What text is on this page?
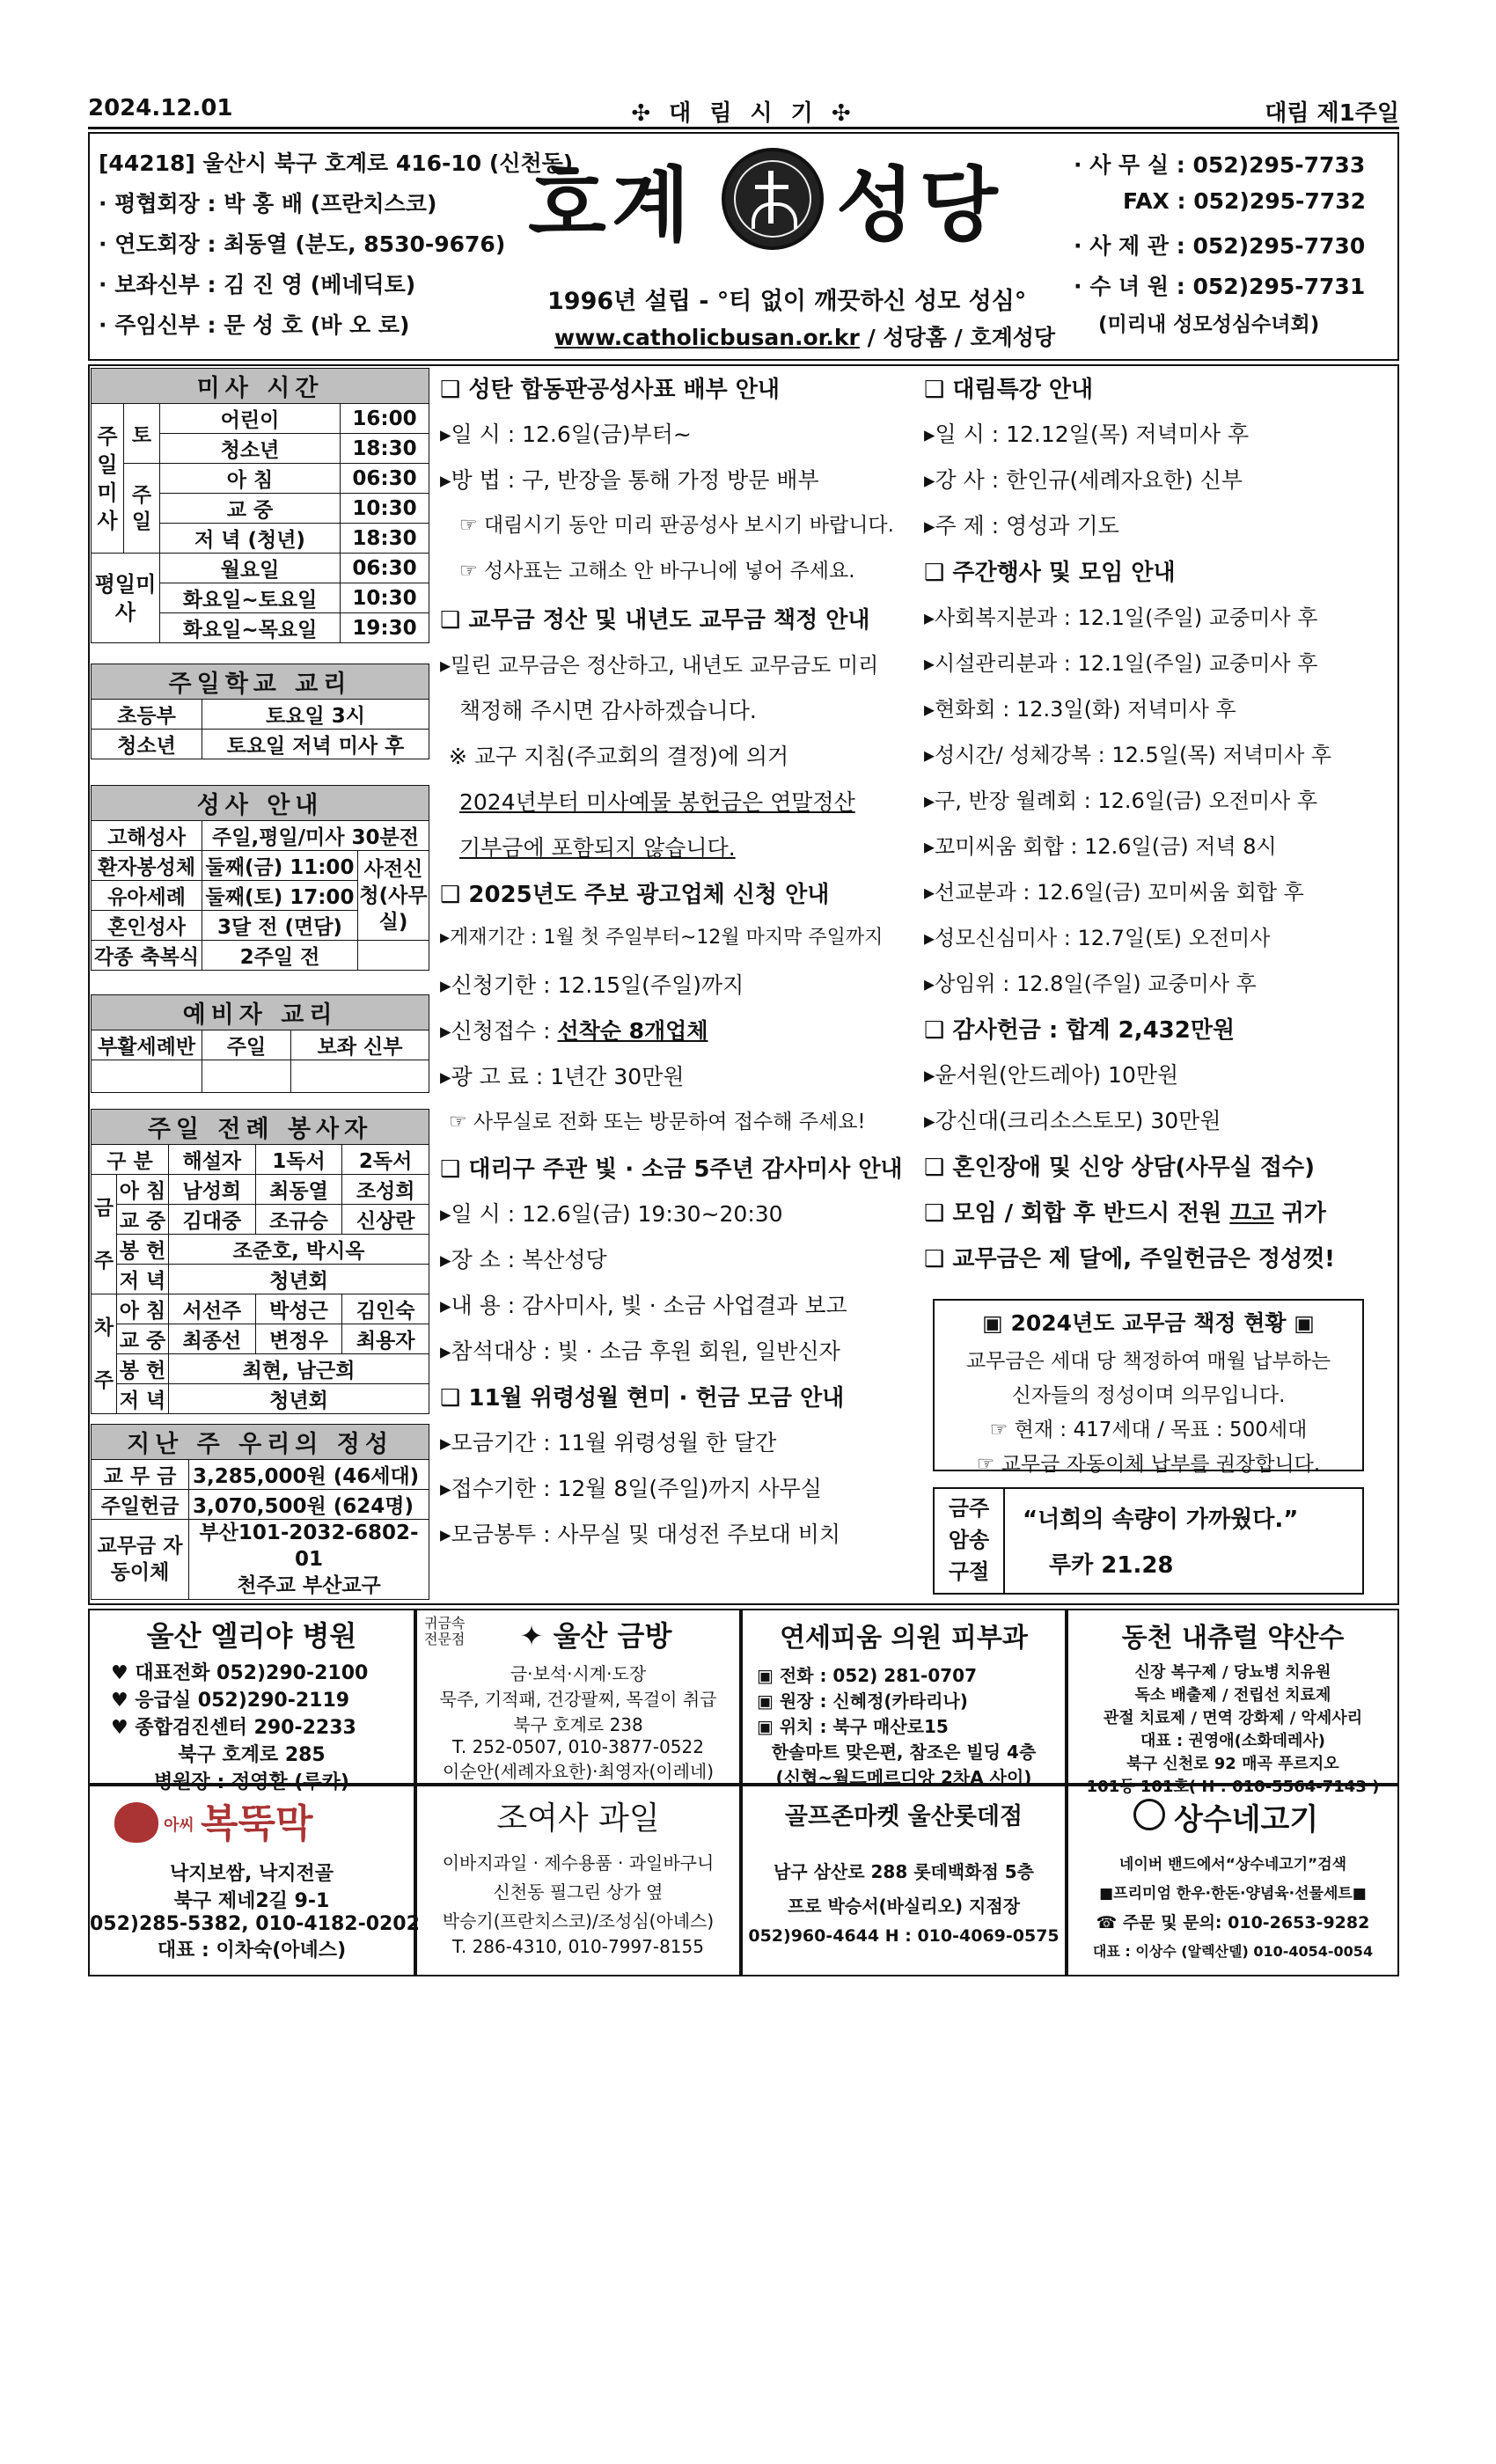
2024.12.01	✣ 대 림 시 기 ✣	대림 제1주일
[44218] 울산시 북구 호계로 416-10 (신천동)
· 평협회장 : 박 홍 배 (프란치스코)
· 연도회장 : 최동열 (분도, 8530-9676)
· 보좌신부 : 김 진 영 (베네딕토)
· 주임신부 : 문 성 호 (바 오 로)
호계 성당
1996년 설립 - °티 없이 깨끗하신 성모 성심°
www.catholicbusan.or.kr / 성당홈 / 호계성당
· 사 무 실 : 052)295-7733
FAX : 052)295-7732
· 사 제 관 : 052)295-7730
· 수 녀 원 : 052)295-7731
(미리내 성모성심수녀회)
미사 시간			
주일미사	토	어린이	16:00
		청소년	18:30
	주일	아 침	06:30
		교 중	10:30
		저 녁 (청년)	18:30
평일미사		월요일	06:30
		화요일~토요일	10:30
		화요일~목요일	19:30
주일학교 교리	
초등부	토요일 3시
청소년	토요일 저녁 미사 후
성사 안내		
고해성사	주일,평일/미사 30분전	
환자봉성체	둘째(금) 11:00	사전신청(사무실)
유아세례	둘째(토) 17:00	
혼인성사	3달 전 (면담)	
각종 축복식	2주일 전	
예비자 교리		
부활세례반	주일	보좌 신부

주일 전례 봉사자				
구 분		해설자	1독서	2독서
금주	아 침	남성희	최동열	조성희
	교 중	김대중	조규승	신상란
	봉 헌	조준호, 박시옥		
	저 녁	청년회		
차주	아 침	서선주	박성근	김인숙
	교 중	최종선	변정우	최용자
	봉 헌	최현, 남근희		
	저 녁	청년회		
지난 주 우리의 정성	
교 무 금	3,285,000원 (46세대)
주일헌금	3,070,500원 (624명)
교무금 자동이체	부산101-2032-6802-01
천주교 부산교구
❑ 성탄 합동판공성사표 배부 안내
▸일 시 : 12.6일(금)부터~
▸방 법 : 구, 반장을 통해 가정 방문 배부
☞ 대림시기 동안 미리 판공성사 보시기 바랍니다.
☞ 성사표는 고해소 안 바구니에 넣어 주세요.
❑ 교무금 정산 및 내년도 교무금 책정 안내
▸밀린 교무금은 정산하고, 내년도 교무금도 미리
책정해 주시면 감사하겠습니다.
※ 교구 지침(주교회의 결정)에 의거
2024년부터 미사예물 봉헌금은 연말정산
기부금에 포함되지 않습니다.
❑ 2025년도 주보 광고업체 신청 안내
▸게재기간 : 1월 첫 주일부터~12월 마지막 주일까지
▸신청기한 : 12.15일(주일)까지
▸신청접수 : 선착순 8개업체
▸광 고 료 : 1년간 30만원
☞ 사무실로 전화 또는 방문하여 접수해 주세요!
❑ 대리구 주관 빛 · 소금 5주년 감사미사 안내
▸일 시 : 12.6일(금) 19:30~20:30
▸장 소 : 복산성당
▸내 용 : 감사미사, 빛 · 소금 사업결과 보고
▸참석대상 : 빛 · 소금 후원 회원, 일반신자
❑ 11월 위령성월 현미 · 헌금 모금 안내
▸모금기간 : 11월 위령성월 한 달간
▸접수기한 : 12월 8일(주일)까지 사무실
▸모금봉투 : 사무실 및 대성전 주보대 비치
❑ 대림특강 안내
▸일 시 : 12.12일(목) 저녁미사 후
▸강 사 : 한인규(세례자요한) 신부
▸주 제 : 영성과 기도
❑ 주간행사 및 모임 안내
▸사회복지분과 : 12.1일(주일) 교중미사 후
▸시설관리분과 : 12.1일(주일) 교중미사 후
▸현화회 : 12.3일(화) 저녁미사 후
▸성시간/ 성체강복 : 12.5일(목) 저녁미사 후
▸구, 반장 월례회 : 12.6일(금) 오전미사 후
▸꼬미씨움 회합 : 12.6일(금) 저녁 8시
▸선교분과 : 12.6일(금) 꼬미씨움 회합 후
▸성모신심미사 : 12.7일(토) 오전미사
▸상임위 : 12.8일(주일) 교중미사 후
❑ 감사헌금 : 합계 2,432만원
▸윤서원(안드레아) 10만원
▸강신대(크리소스토모) 30만원
❑ 혼인장애 및 신앙 상담(사무실 접수)
❑ 모임 / 회합 후 반드시 전원 끄고 귀가
❑ 교무금은 제 달에, 주일헌금은 정성껏!
▣ 2024년도 교무금 책정 현황 ▣
교무금은 세대 당 책정하여 매월 납부하는
신자들의 정성이며 의무입니다.
☞ 현재 : 417세대 / 목표 : 500세대
☞ 교무금 자동이체 납부를 권장합니다.
금주 암송 구절
“너희의 속량이 가까웠다.”
루카 21.28
울산 엘리야 병원
♥ 대표전화 052)290-2100
♥ 응급실 052)290-2119
♥ 종합검진센터 290-2233
북구 호계로 285
병원장 : 정영환 (루카)
귀금속 전문점	✦ 울산 금방
금·보석·시계·도장
묵주, 기적패, 건강팔찌, 목걸이 취급
북구 호계로 238
T. 252-0507, 010-3877-0522
이순안(세례자요한)·최영자(이레네)
연세피움 의원 피부과
▣ 전화 : 052) 281-0707
▣ 원장 : 신혜정(카타리나)
▣ 위치 : 북구 매산로15
한솔마트 맞은편, 참조은 빌딩 4층
(신협~월드메르디앙 2차A 사이)
동천 내츄럴 약산수
신장 복구제 / 당뇨병 치유원
독소 배출제 / 전립선 치료제
관절 치료제 / 면역 강화제 / 악세사리
대표 : 권영애(소화데레사)
북구 신천로 92 매곡 푸르지오
101동 101호( H : 010-5564-7143 )
아씨 복뚝막
낙지보쌈, 낙지전골
북구 제네2길 9-1
052)285-5382, 010-4182-0202
대표 : 이차숙(아녜스)
조여사 과일
이바지과일 · 제수용품 · 과일바구니
신천동 필그린 상가 옆
박승기(프란치스코)/조성심(아녜스)
T. 286-4310, 010-7997-8155
골프존마켓 울산롯데점
남구 삼산로 288 롯데백화점 5층
프로 박승서(바실리오) 지점장
052)960-4644 H : 010-4069-0575
상수네고기
네이버 밴드에서“상수네고기”검색
■프리미엄 한우·한돈·양념육·선물세트■
☎ 주문 및 문의: 010-2653-9282
대표 : 이상수 (알렉산델) 010-4054-0054
